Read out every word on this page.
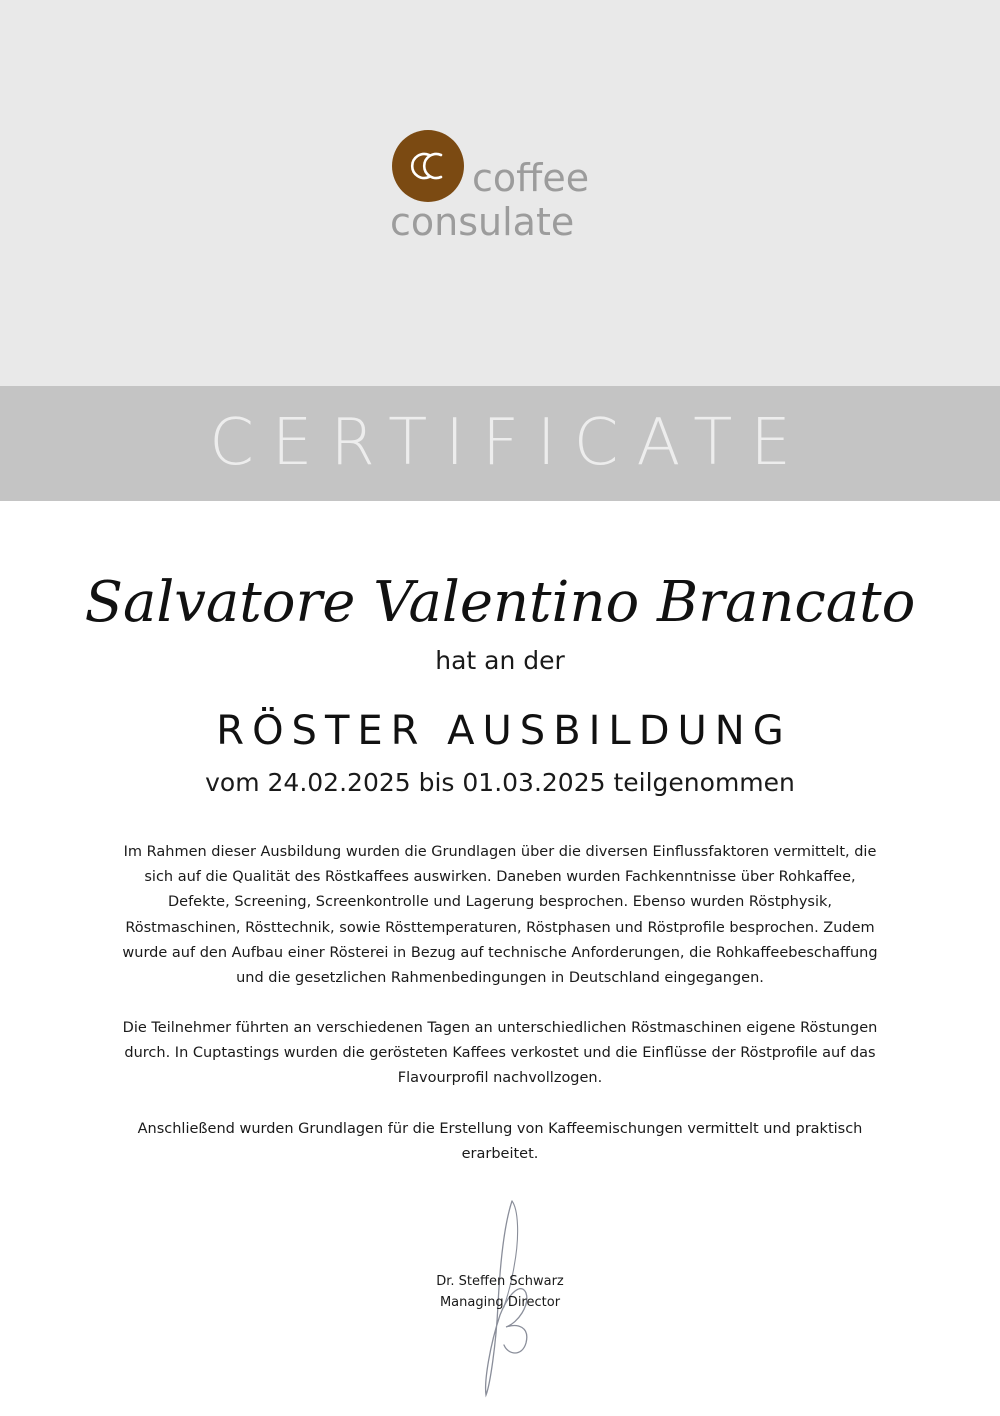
coffee
consulate
CERTIFICATE
Salvatore Valentino Brancato
hat an der
RÖSTER AUSBILDUNG
vom 24.02.2025 bis 01.03.2025 teilgenommen
Im Rahmen dieser Ausbildung wurden die Grundlagen über die diversen Einflussfaktoren vermittelt, die sich auf die Qualität des Röstkaffees auswirken. Daneben wurden Fachkenntnisse über Rohkaffee, Defekte, Screening, Screenkontrolle und Lagerung besprochen. Ebenso wurden Röstphysik, Röstmaschinen, Rösttechnik, sowie Rösttemperaturen, Röstphasen und Röstprofile besprochen. Zudem wurde auf den Aufbau einer Rösterei in Bezug auf technische Anforderungen, die Rohkaffeebeschaffung und die gesetzlichen Rahmenbedingungen in Deutschland eingegangen.
Die Teilnehmer führten an verschiedenen Tagen an unterschiedlichen Röstmaschinen eigene Röstungen durch. In Cuptastings wurden die gerösteten Kaffees verkostet und die Einflüsse der Röstprofile auf das Flavourprofil nachvollzogen.
Anschließend wurden Grundlagen für die Erstellung von Kaffeemischungen vermittelt und praktisch erarbeitet.
Dr. Steffen Schwarz
Managing Director
